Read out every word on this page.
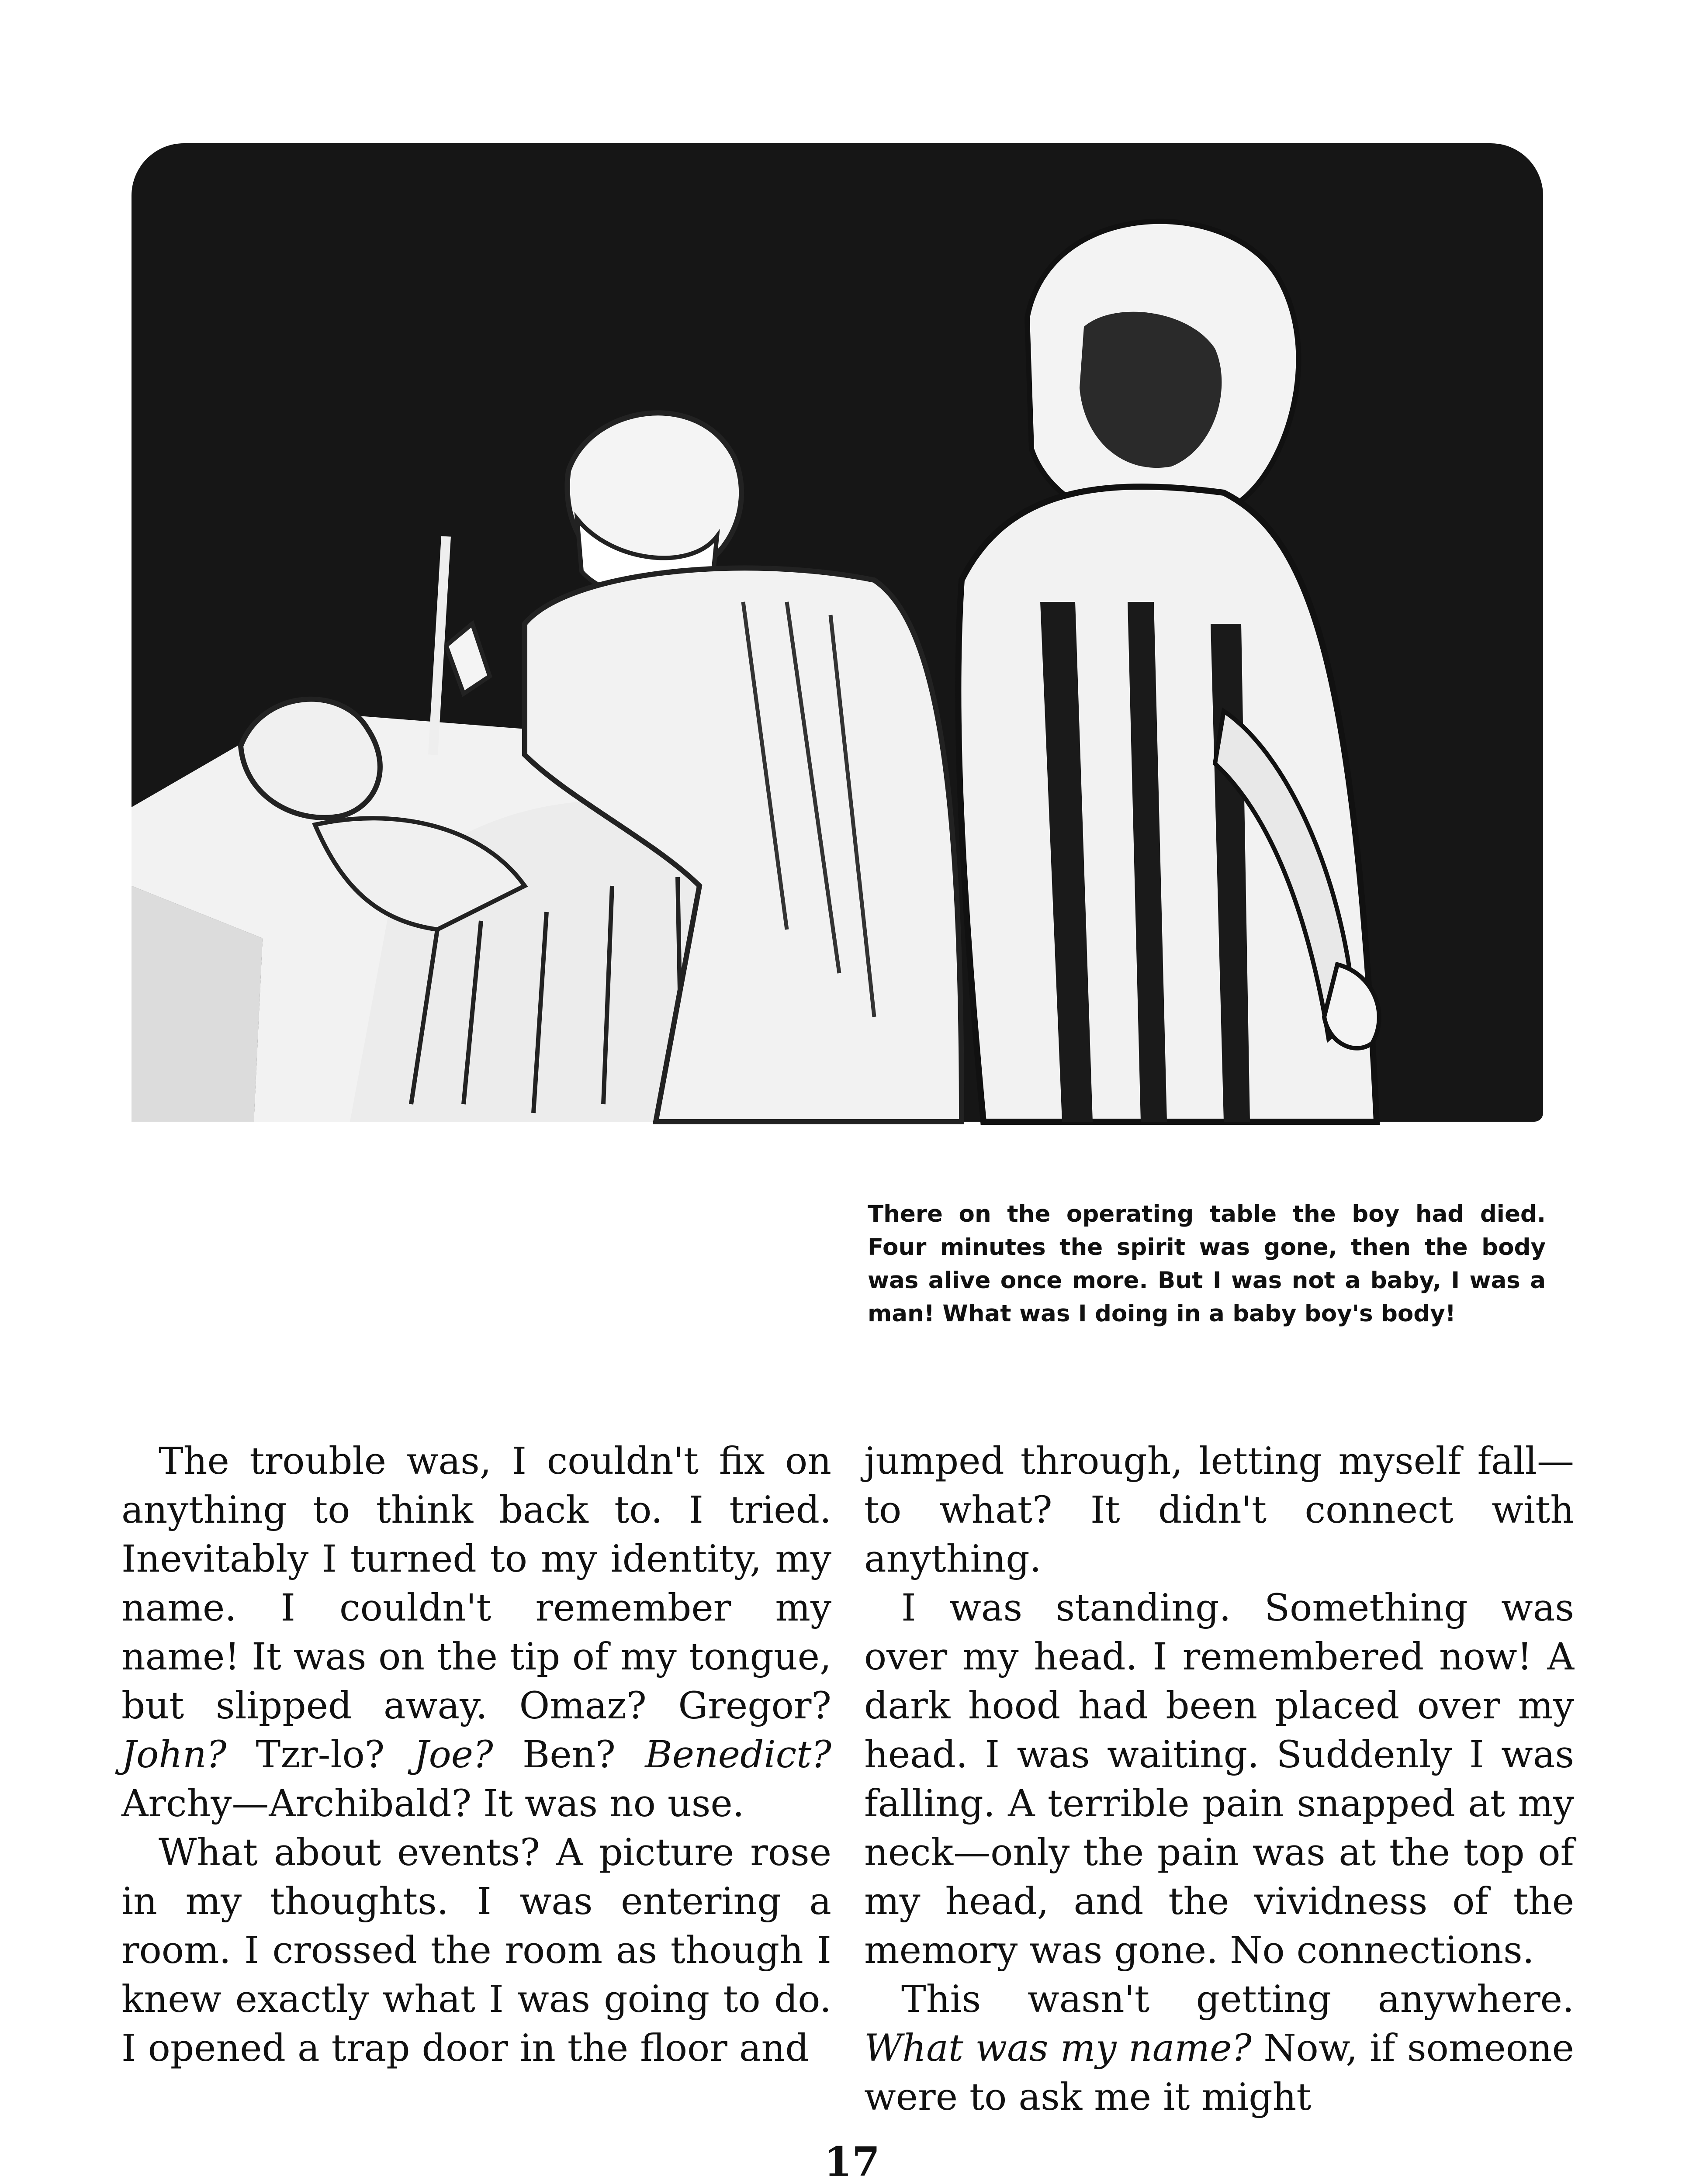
BEUKEL

There on the operating table the boy had died. Four minutes the spirit was gone, then the body was alive once more. But I was not a baby, I was a man! What was I doing in a baby boy's body!

The trouble was, I couldn't fix on anything to think back to. I tried. Inevitably I turned to my identity, my name. I couldn't remember my name! It was on the tip of my tongue, but slipped away. Omaz? Gregor? John? Tzr-lo? Joe? Ben? Benedict? Archy—Archibald? It was no use.

What about events? A picture rose in my thoughts. I was entering a room. I crossed the room as though I knew exactly what I was going to do. I opened a trap door in the floor and

jumped through, letting myself fall—to what? It didn't connect with anything.

I was standing. Something was over my head. I remembered now! A dark hood had been placed over my head. I was waiting. Suddenly I was falling. A terrible pain snapped at my neck—only the pain was at the top of my head, and the vividness of the memory was gone. No connections.

This wasn't getting anywhere. What was my name? Now, if someone were to ask me it might

17
